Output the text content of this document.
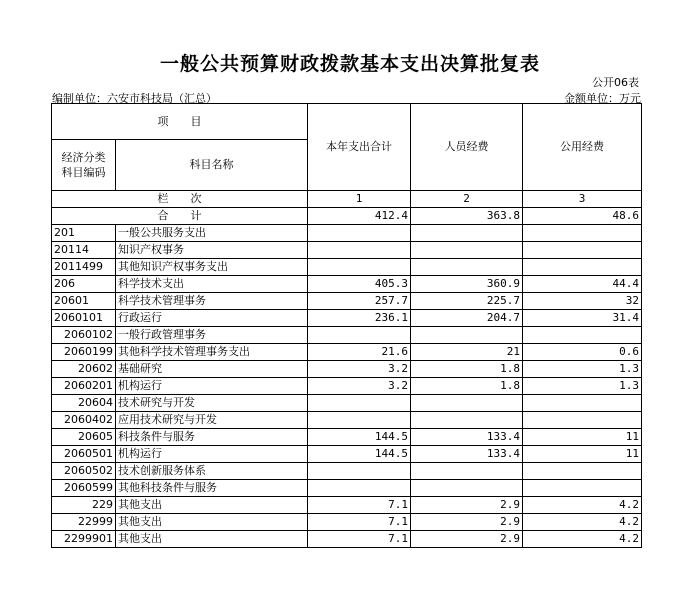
一般公共预算财政拨款基本支出决算批复表
公开06表
编制单位：六安市科技局（汇总）	金额单位：万元
项　　目		本年支出合计	人员经费	公用经费
经济分类
科目编码	科目名称			
栏　　次		1	2	3
合　　计		412.4	363.8	48.6
201	一般公共服务支出			
20114	知识产权事务			
2011499	其他知识产权事务支出			
206	科学技术支出	405.3	360.9	44.4
20601	科学技术管理事务	257.7	225.7	32
2060101	行政运行	236.1	204.7	31.4
2060102	一般行政管理事务			
2060199	其他科学技术管理事务支出	21.6	21	0.6
20602	基础研究	3.2	1.8	1.3
2060201	机构运行	3.2	1.8	1.3
20604	技术研究与开发			
2060402	应用技术研究与开发			
20605	科技条件与服务	144.5	133.4	11
2060501	机构运行	144.5	133.4	11
2060502	技术创新服务体系			
2060599	其他科技条件与服务			
229	其他支出	7.1	2.9	4.2
22999	其他支出	7.1	2.9	4.2
2299901	其他支出	7.1	2.9	4.2
